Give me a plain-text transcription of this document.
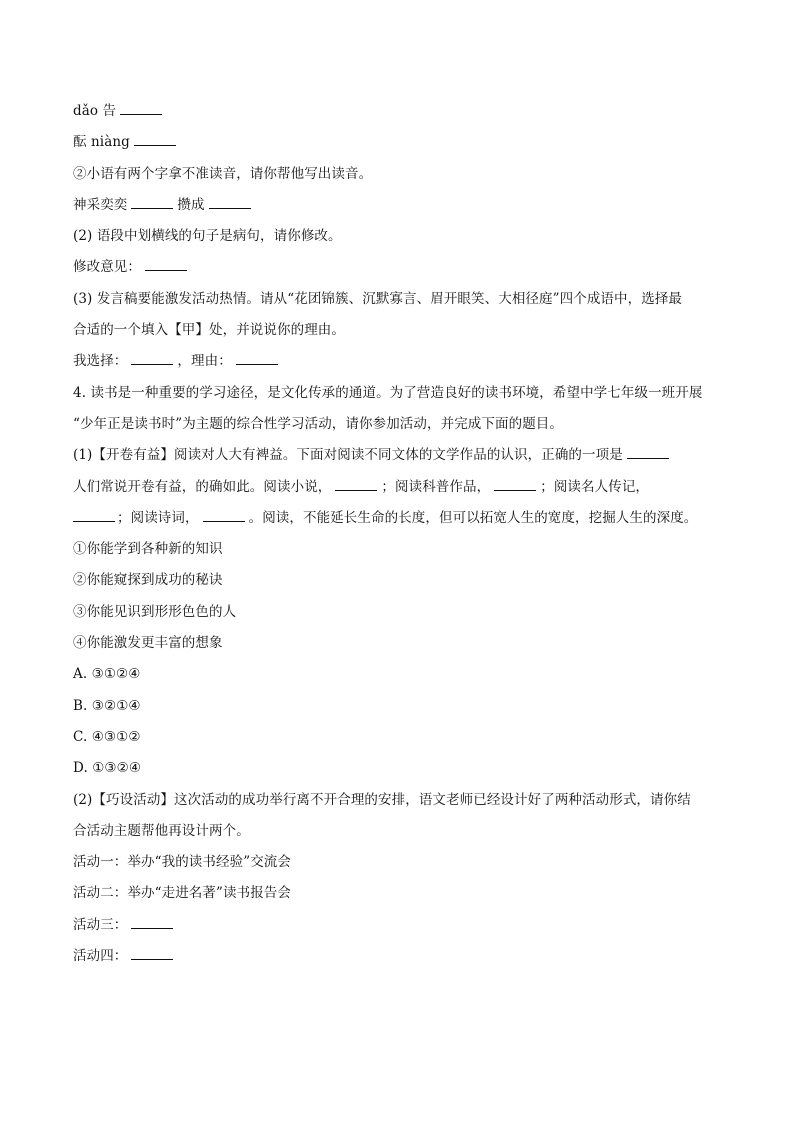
dǎo 告
酝 niàng
②小语有两个字拿不准读音，请你帮他写出读音。
神采奕奕	攒成
(2) 语段中划横线的句子是病句，请你修改。
修改意见：
(3) 发言稿要能激发活动热情。请从“花团锦簇、沉默寡言、眉开眼笑、大相径庭”四个成语中，选择最
合适的一个填入【甲】处，并说说你的理由。
我选择：	，理由：
4. 读书是一种重要的学习途径，是文化传承的通道。为了营造良好的读书环境，希望中学七年级一班开展
“少年正是读书时”为主题的综合性学习活动，请你参加活动，并完成下面的题目。
(1)【开卷有益】阅读对人大有裨益。下面对阅读不同文体的文学作品的认识，正确的一项是
人们常说开卷有益，的确如此。阅读小说，	；阅读科普作品，	；阅读名人传记，
；阅读诗词，	。阅读，不能延长生命的长度，但可以拓宽人生的宽度，挖掘人生的深度。
①你能学到各种新的知识
②你能窥探到成功的秘诀
③你能见识到形形色色的人
④你能激发更丰富的想象
A. ③①②④
B. ③②①④
C. ④③①②
D. ①③②④
(2)【巧设活动】这次活动的成功举行离不开合理的安排，语文老师已经设计好了两种活动形式，请你结
合活动主题帮他再设计两个。
活动一：举办“我的读书经验”交流会
活动二：举办“走进名著”读书报告会
活动三：
活动四：
